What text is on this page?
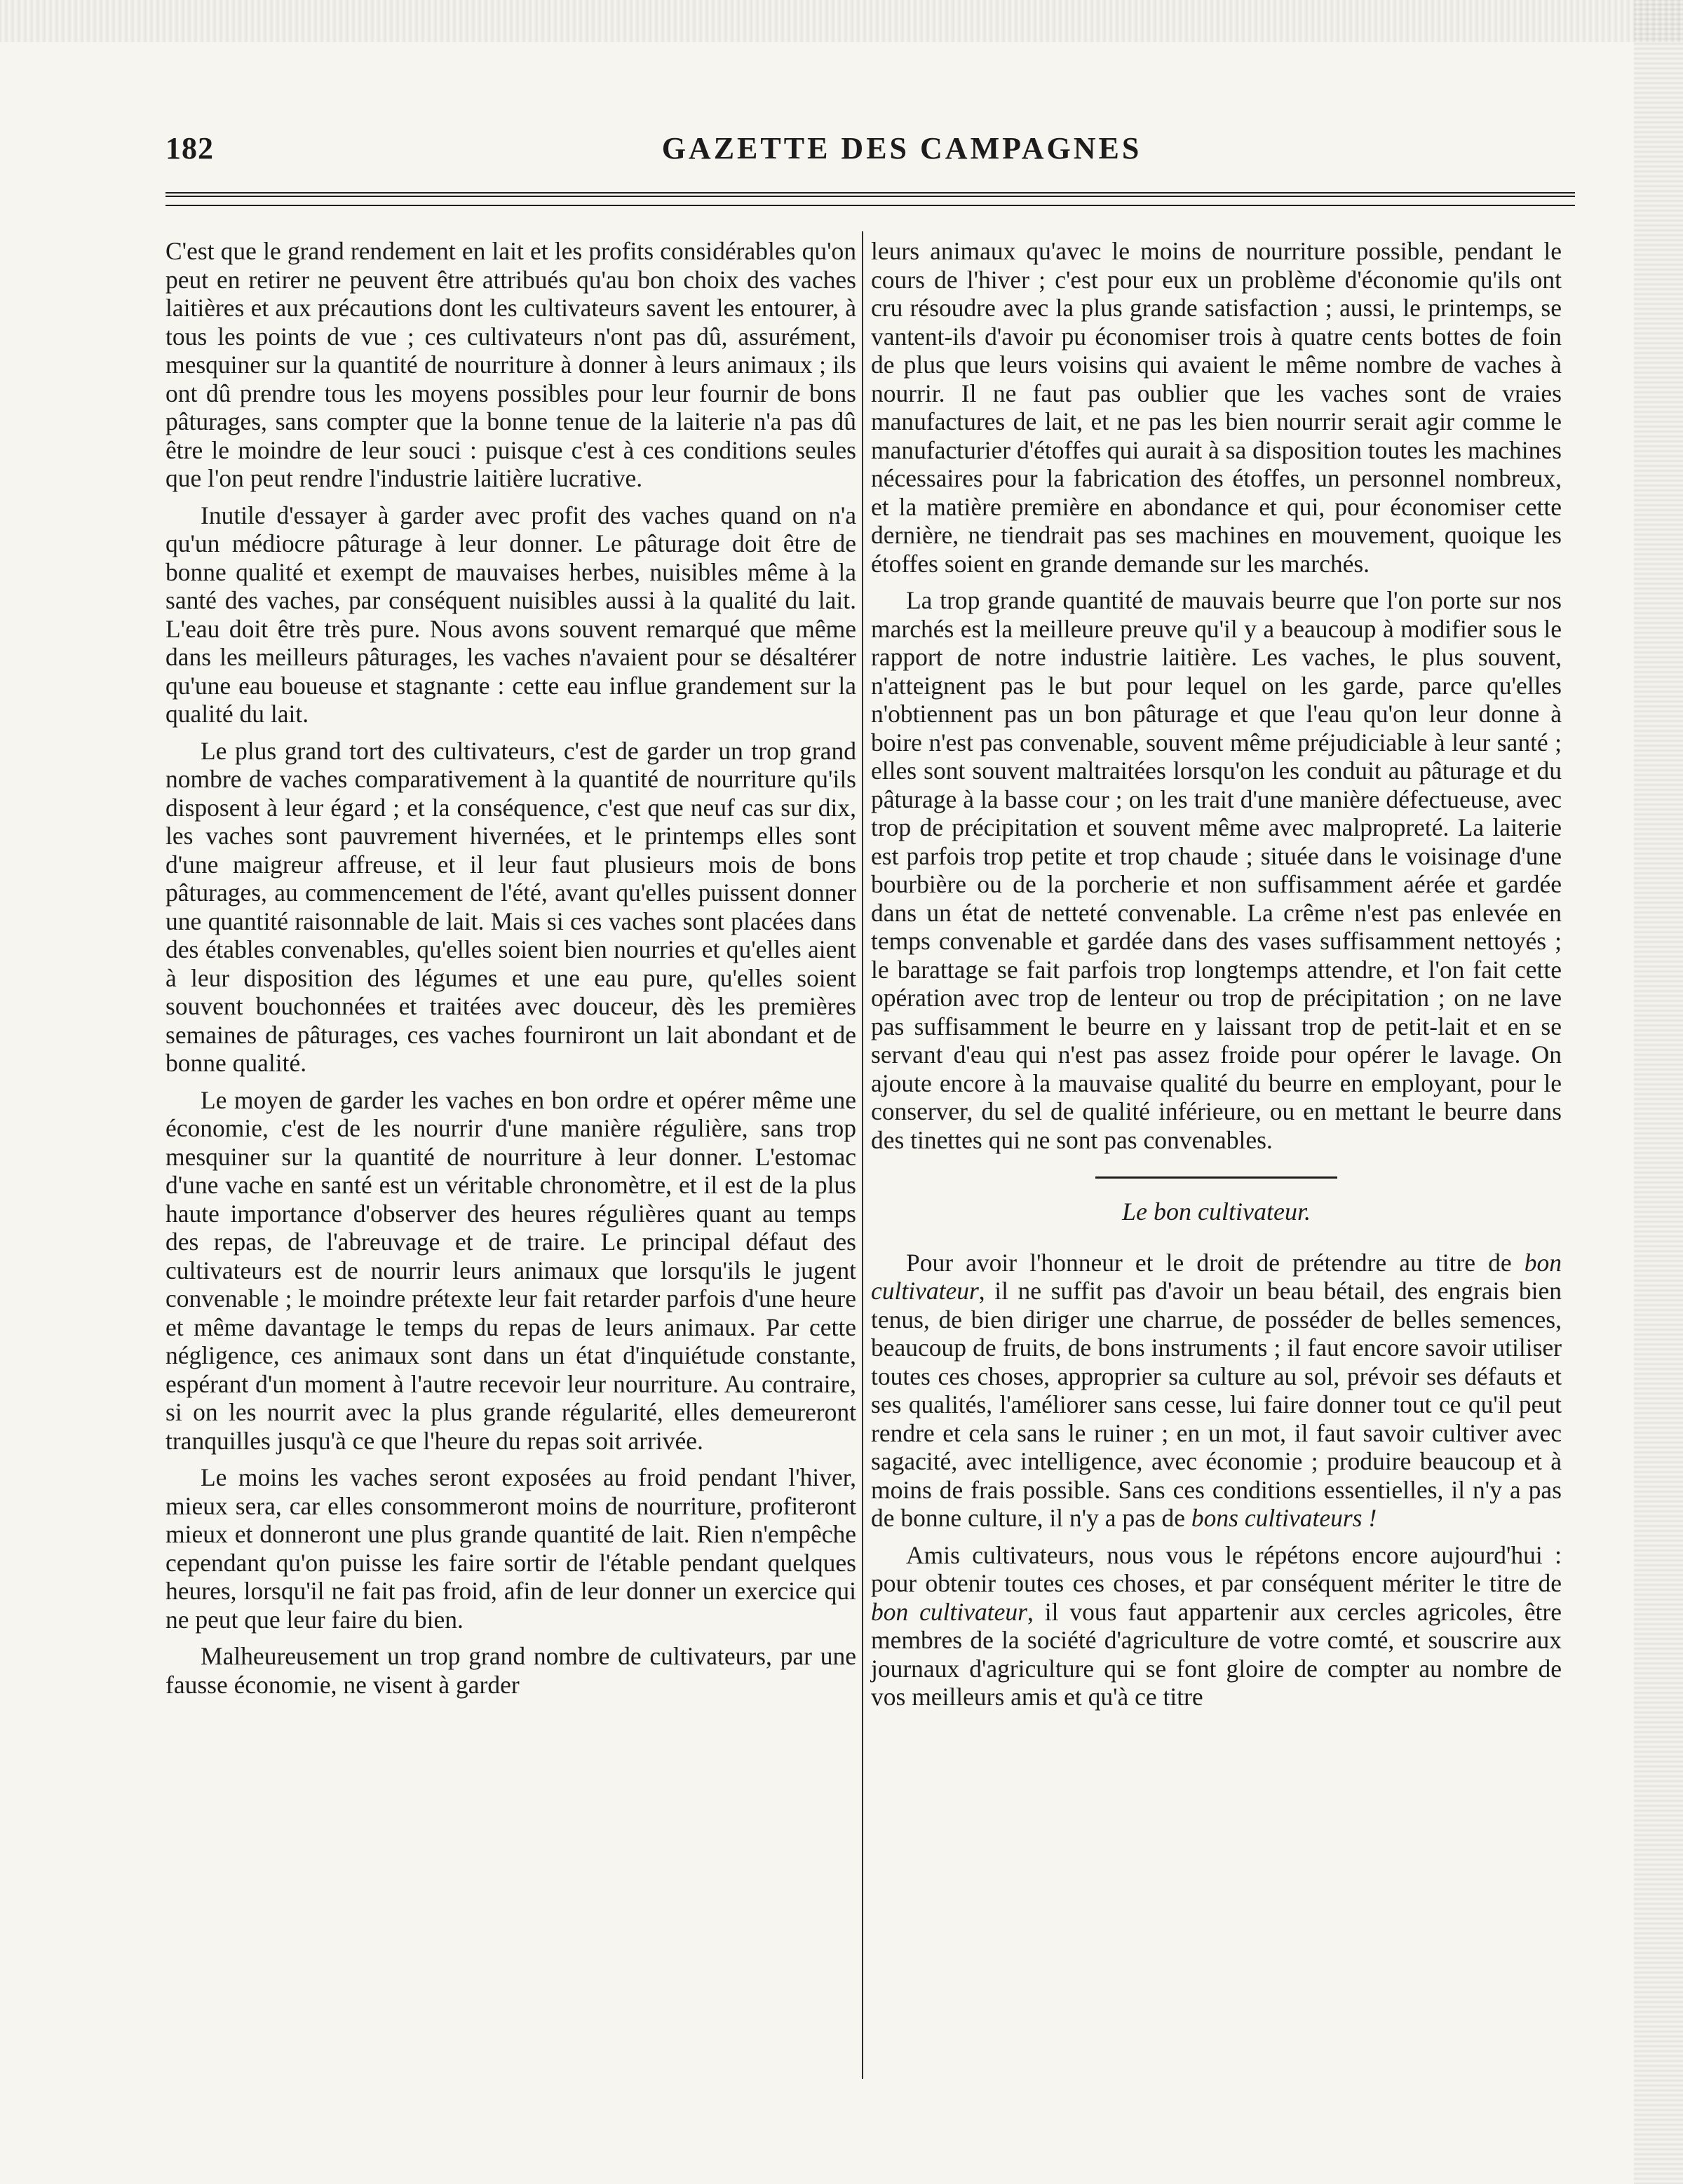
182	GAZETTE DES CAMPAGNES

C'est que le grand rendement en lait et les profits considérables qu'on peut en retirer ne peuvent être attribués qu'au bon choix des vaches laitières et aux précautions dont les cultivateurs savent les entourer, à tous les points de vue ; ces cultivateurs n'ont pas dû, assurément, mesquiner sur la quantité de nourriture à donner à leurs animaux ; ils ont dû prendre tous les moyens possibles pour leur fournir de bons pâturages, sans compter que la bonne tenue de la laiterie n'a pas dû être le moindre de leur souci : puisque c'est à ces conditions seules que l'on peut rendre l'industrie laitière lucrative.

Inutile d'essayer à garder avec profit des vaches quand on n'a qu'un médiocre pâturage à leur donner. Le pâturage doit être de bonne qualité et exempt de mauvaises herbes, nuisibles même à la santé des vaches, par conséquent nuisibles aussi à la qualité du lait. L'eau doit être très pure. Nous avons souvent remarqué que même dans les meilleurs pâturages, les vaches n'avaient pour se désaltérer qu'une eau boueuse et stagnante : cette eau influe grandement sur la qualité du lait.

Le plus grand tort des cultivateurs, c'est de garder un trop grand nombre de vaches comparativement à la quantité de nourriture qu'ils disposent à leur égard ; et la conséquence, c'est que neuf cas sur dix, les vaches sont pauvrement hivernées, et le printemps elles sont d'une maigreur affreuse, et il leur faut plusieurs mois de bons pâturages, au commencement de l'été, avant qu'elles puissent donner une quantité raisonnable de lait. Mais si ces vaches sont placées dans des étables convenables, qu'elles soient bien nourries et qu'elles aient à leur disposition des légumes et une eau pure, qu'elles soient souvent bouchonnées et traitées avec douceur, dès les premières semaines de pâturages, ces vaches fourniront un lait abondant et de bonne qualité.

Le moyen de garder les vaches en bon ordre et opérer même une économie, c'est de les nourrir d'une manière régulière, sans trop mesquiner sur la quantité de nourriture à leur donner. L'estomac d'une vache en santé est un véritable chronomètre, et il est de la plus haute importance d'observer des heures régulières quant au temps des repas, de l'abreuvage et de traire. Le principal défaut des cultivateurs est de nourrir leurs animaux que lorsqu'ils le jugent convenable ; le moindre prétexte leur fait retarder parfois d'une heure et même davantage le temps du repas de leurs animaux. Par cette négligence, ces animaux sont dans un état d'inquiétude constante, espérant d'un moment à l'autre recevoir leur nourriture. Au contraire, si on les nourrit avec la plus grande régularité, elles demeureront tranquilles jusqu'à ce que l'heure du repas soit arrivée.

Le moins les vaches seront exposées au froid pendant l'hiver, mieux sera, car elles consommeront moins de nourriture, profiteront mieux et donneront une plus grande quantité de lait. Rien n'empêche cependant qu'on puisse les faire sortir de l'étable pendant quelques heures, lorsqu'il ne fait pas froid, afin de leur donner un exercice qui ne peut que leur faire du bien.

Malheureusement un trop grand nombre de cultivateurs, par une fausse économie, ne visent à garder

leurs animaux qu'avec le moins de nourriture possible, pendant le cours de l'hiver ; c'est pour eux un problème d'économie qu'ils ont cru résoudre avec la plus grande satisfaction ; aussi, le printemps, se vantent-ils d'avoir pu économiser trois à quatre cents bottes de foin de plus que leurs voisins qui avaient le même nombre de vaches à nourrir. Il ne faut pas oublier que les vaches sont de vraies manufactures de lait, et ne pas les bien nourrir serait agir comme le manufacturier d'étoffes qui aurait à sa disposition toutes les machines nécessaires pour la fabrication des étoffes, un personnel nombreux, et la matière première en abondance et qui, pour économiser cette dernière, ne tiendrait pas ses machines en mouvement, quoique les étoffes soient en grande demande sur les marchés.

La trop grande quantité de mauvais beurre que l'on porte sur nos marchés est la meilleure preuve qu'il y a beaucoup à modifier sous le rapport de notre industrie laitière. Les vaches, le plus souvent, n'atteignent pas le but pour lequel on les garde, parce qu'elles n'obtiennent pas un bon pâturage et que l'eau qu'on leur donne à boire n'est pas convenable, souvent même préjudiciable à leur santé ; elles sont souvent maltraitées lorsqu'on les conduit au pâturage et du pâturage à la basse cour ; on les trait d'une manière défectueuse, avec trop de précipitation et souvent même avec malpropreté. La laiterie est parfois trop petite et trop chaude ; située dans le voisinage d'une bourbière ou de la porcherie et non suffisamment aérée et gardée dans un état de netteté convenable. La crême n'est pas enlevée en temps convenable et gardée dans des vases suffisamment nettoyés ; le barattage se fait parfois trop longtemps attendre, et l'on fait cette opération avec trop de lenteur ou trop de précipitation ; on ne lave pas suffisamment le beurre en y laissant trop de petit-lait et en se servant d'eau qui n'est pas assez froide pour opérer le lavage. On ajoute encore à la mauvaise qualité du beurre en employant, pour le conserver, du sel de qualité inférieure, ou en mettant le beurre dans des tinettes qui ne sont pas convenables.

Le bon cultivateur.

Pour avoir l'honneur et le droit de prétendre au titre de bon cultivateur, il ne suffit pas d'avoir un beau bétail, des engrais bien tenus, de bien diriger une charrue, de posséder de belles semences, beaucoup de fruits, de bons instruments ; il faut encore savoir utiliser toutes ces choses, approprier sa culture au sol, prévoir ses défauts et ses qualités, l'améliorer sans cesse, lui faire donner tout ce qu'il peut rendre et cela sans le ruiner ; en un mot, il faut savoir cultiver avec sagacité, avec intelligence, avec économie ; produire beaucoup et à moins de frais possible. Sans ces conditions essentielles, il n'y a pas de bonne culture, il n'y a pas de bons cultivateurs !

Amis cultivateurs, nous vous le répétons encore aujourd'hui : pour obtenir toutes ces choses, et par conséquent mériter le titre de bon cultivateur, il vous faut appartenir aux cercles agricoles, être membres de la société d'agriculture de votre comté, et souscrire aux journaux d'agriculture qui se font gloire de compter au nombre de vos meilleurs amis et qu'à ce titre
